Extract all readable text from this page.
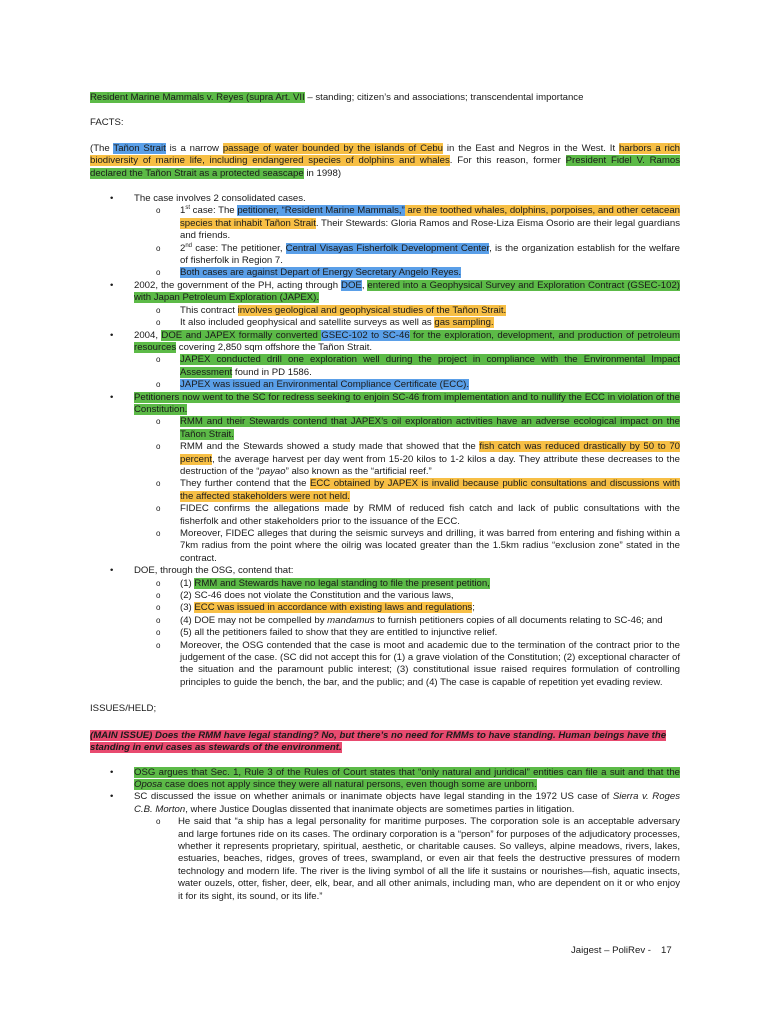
Resident Marine Mammals v. Reyes (supra Art. VII – standing; citizen’s and associations; transcendental importance

FACTS:

(The Tañon Strait is a narrow passage of water bounded by the islands of Cebu in the East and Negros in the West. It harbors a rich biodiversity of marine life, including endangered species of dolphins and whales. For this reason, former President Fidel V. Ramos declared the Tañon Strait as a protected seascape in 1998)

• The case involves 2 consolidated cases.
o 1st case: The petitioner, “Resident Marine Mammals,” are the toothed whales, dolphins, porpoises, and other cetacean species that inhabit Tañon Strait. Their Stewards: Gloria Ramos and Rose-Liza Eisma Osorio are their legal guardians and friends.
o 2nd case: The petitioner, Central Visayas Fisherfolk Development Center, is the organization establish for the welfare of fisherfolk in Region 7.
o Both cases are against Depart of Energy Secretary Angelo Reyes.
• 2002, the government of the PH, acting through DOE, entered into a Geophysical Survey and Exploration Contract (GSEC-102) with Japan Petroleum Exploration (JAPEX).
o This contract involves geological and geophysical studies of the Tañon Strait.
o It also included geophysical and satellite surveys as well as gas sampling.
• 2004, DOE and JAPEX formally converted GSEC-102 to SC-46 for the exploration, development, and production of petroleum resources covering 2,850 sqm offshore the Tañon Strait.
o JAPEX conducted drill one exploration well during the project in compliance with the Environmental Impact Assessment found in PD 1586.
o JAPEX was issued an Environmental Compliance Certificate (ECC).
• Petitioners now went to the SC for redress seeking to enjoin SC-46 from implementation and to nullify the ECC in violation of the Constitution.
o RMM and their Stewards contend that JAPEX’s oil exploration activities have an adverse ecological impact on the Tañon Strait.
o RMM and the Stewards showed a study made that showed that the fish catch was reduced drastically by 50 to 70 percent, the average harvest per day went from 15-20 kilos to 1-2 kilos a day. They attribute these decreases to the destruction of the “payao” also known as the “artificial reef.”
o They further contend that the ECC obtained by JAPEX is invalid because public consultations and discussions with the affected stakeholders were not held.
o FIDEC confirms the allegations made by RMM of reduced fish catch and lack of public consultations with the fisherfolk and other stakeholders prior to the issuance of the ECC.
o Moreover, FIDEC alleges that during the seismic surveys and drilling, it was barred from entering and fishing within a 7km radius from the point where the oilrig was located greater than the 1.5km radius “exclusion zone” stated in the contract.
• DOE, through the OSG, contend that:
o (1) RMM and Stewards have no legal standing to file the present petition,
o (2) SC-46 does not violate the Constitution and the various laws,
o (3) ECC was issued in accordance with existing laws and regulations;
o (4) DOE may not be compelled by mandamus to furnish petitioners copies of all documents relating to SC-46; and
o (5) all the petitioners failed to show that they are entitled to injunctive relief.
o Moreover, the OSG contended that the case is moot and academic due to the termination of the contract prior to the judgement of the case. (SC did not accept this for (1) a grave violation of the Constitution; (2) exceptional character of the situation and the paramount public interest; (3) constitutional issue raised requires formulation of controlling principles to guide the bench, the bar, and the public; and (4) The case is capable of repetition yet evading review.

ISSUES/HELD;

(MAIN ISSUE) Does the RMM have legal standing? No, but there’s no need for RMMs to have standing. Human beings have the standing in envi cases as stewards of the environment.

• OSG argues that Sec. 1, Rule 3 of the Rules of Court states that “only natural and juridical” entities can file a suit and that the Oposa case does not apply since they were all natural persons, even though some are unborn.
• SC discussed the issue on whether animals or inanimate objects have legal standing in the 1972 US case of Sierra v. Roges C.B. Morton, where Justice Douglas dissented that inanimate objects are sometimes parties in litigation.
o He said that “a ship has a legal personality for maritime purposes. The corporation sole is an acceptable adversary and large fortunes ride on its cases. The ordinary corporation is a “person” for purposes of the adjudicatory processes, whether it represents proprietary, spiritual, aesthetic, or charitable causes. So valleys, alpine meadows, rivers, lakes, estuaries, beaches, ridges, groves of trees, swampland, or even air that feels the destructive pressures of modern technology and modern life. The river is the living symbol of all the life it sustains or nourishes—fish, aquatic insects, water ouzels, otter, fisher, deer, elk, bear, and all other animals, including man, who are dependent on it or who enjoy it for its sight, its sound, or its life.”
Jaigest – PoliRev - 17
